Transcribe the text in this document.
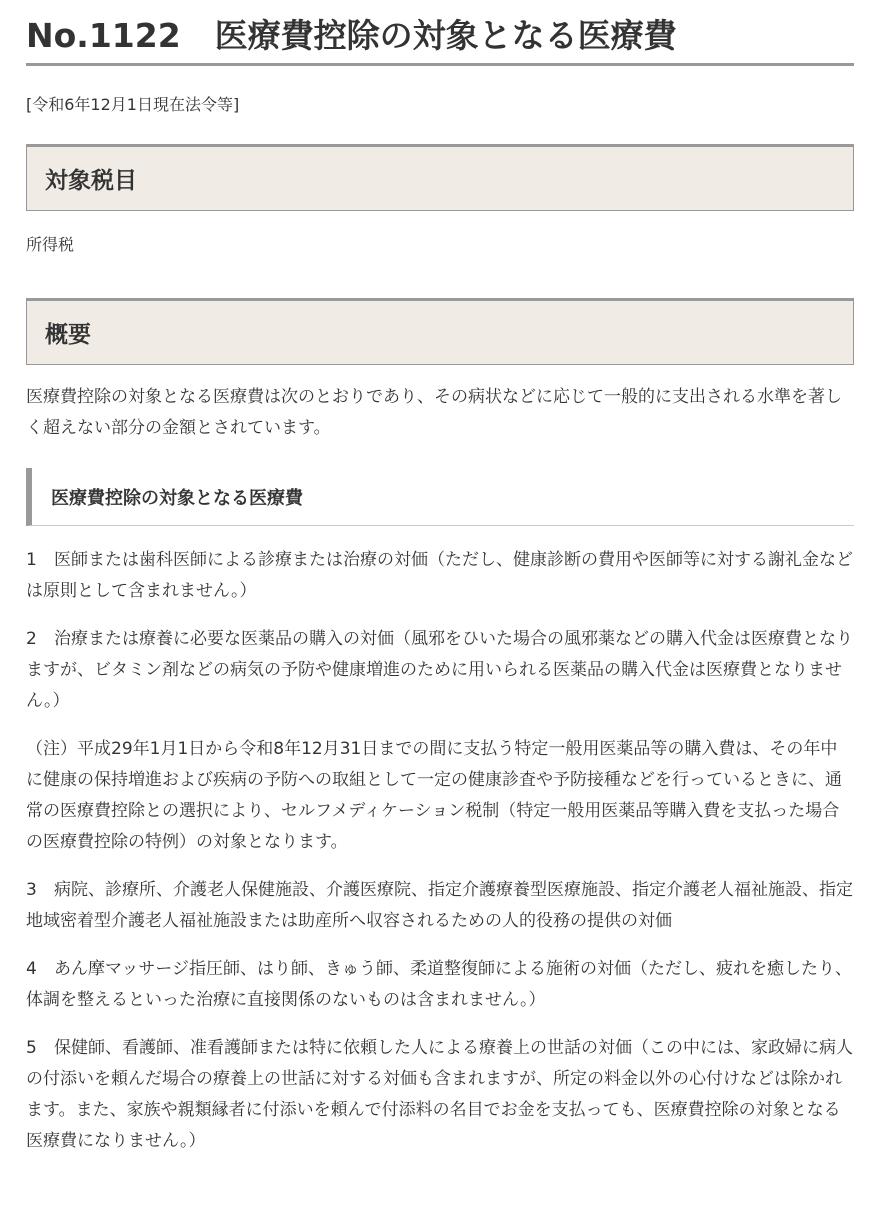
No.1122 医療費控除の対象となる医療費
[令和6年12月1日現在法令等]
対象税目
所得税
概要

医療費控除の対象となる医療費は次のとおりであり、その病状などに応じて一般的に支出される水準を著しく超えない部分の金額とされています。

医療費控除の対象となる医療費

1 医師または歯科医師による診療または治療の対価（ただし、健康診断の費用や医師等に対する謝礼金などは原則として含まれません。）

2 治療または療養に必要な医薬品の購入の対価（風邪をひいた場合の風邪薬などの購入代金は医療費となりますが、ビタミン剤などの病気の予防や健康増進のために用いられる医薬品の購入代金は医療費となりません。）

（注）平成29年1月1日から令和8年12月31日までの間に支払う特定一般用医薬品等の購入費は、その年中に健康の保持増進および疾病の予防への取組として一定の健康診査や予防接種などを行っているときに、通常の医療費控除との選択により、セルフメディケーション税制（特定一般用医薬品等購入費を支払った場合の医療費控除の特例）の対象となります。

3 病院、診療所、介護老人保健施設、介護医療院、指定介護療養型医療施設、指定介護老人福祉施設、指定地域密着型介護老人福祉施設または助産所へ収容されるための人的役務の提供の対価

4 あん摩マッサージ指圧師、はり師、きゅう師、柔道整復師による施術の対価（ただし、疲れを癒したり、体調を整えるといった治療に直接関係のないものは含まれません。）

5 保健師、看護師、准看護師または特に依頼した人による療養上の世話の対価（この中には、家政婦に病人の付添いを頼んだ場合の療養上の世話に対する対価も含まれますが、所定の料金以外の心付けなどは除かれます。また、家族や親類縁者に付添いを頼んで付添料の名目でお金を支払っても、医療費控除の対象となる医療費になりません。）
